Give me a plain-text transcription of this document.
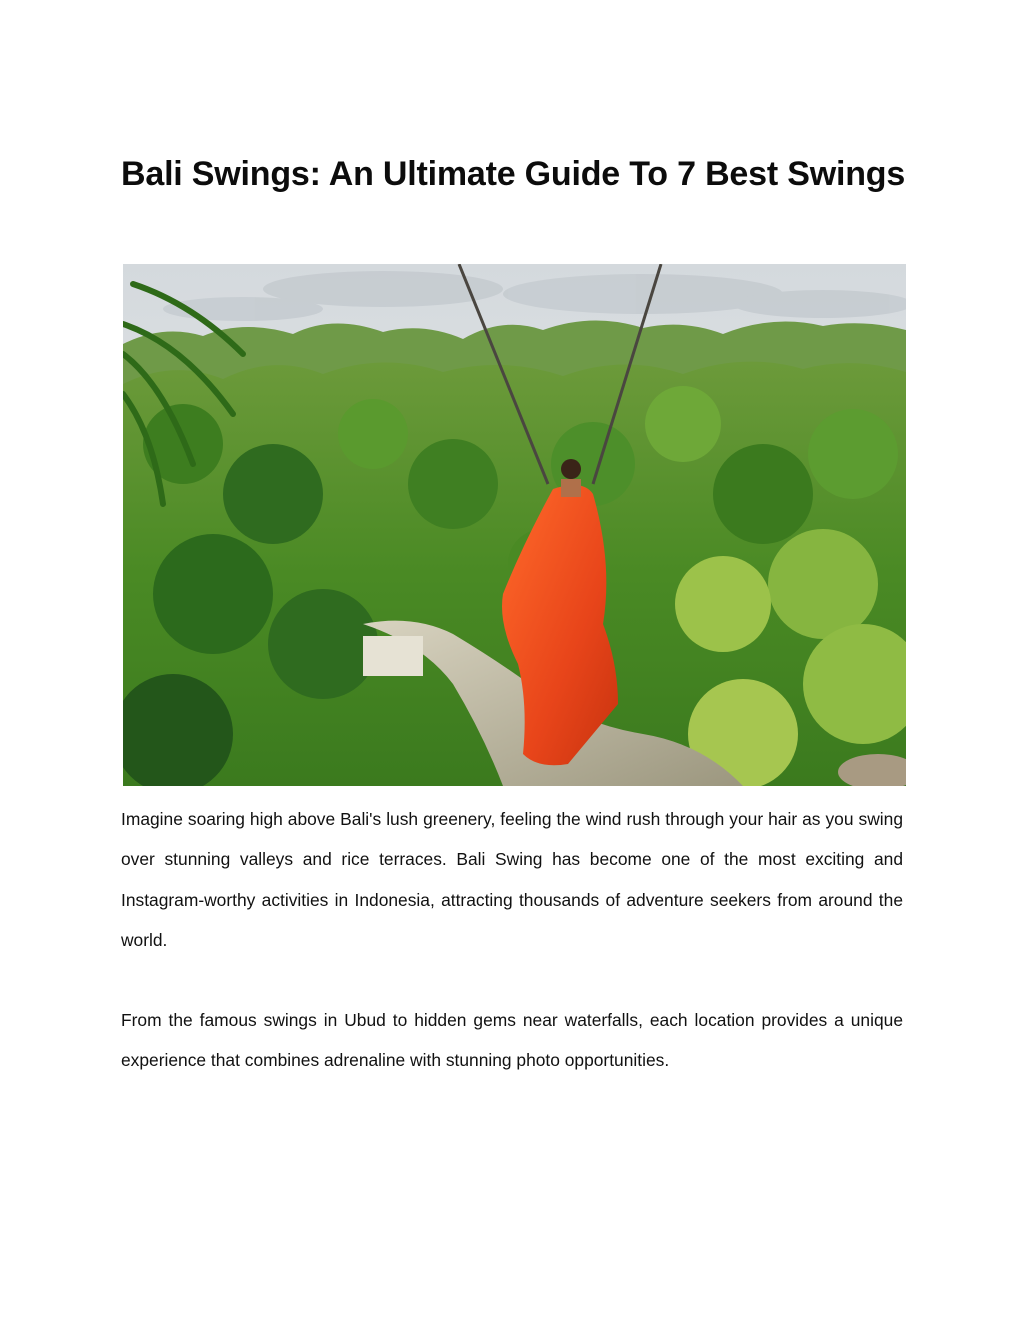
Bali Swings: An Ultimate Guide To 7 Best Swings

Imagine soaring high above Bali's lush greenery, feeling the wind rush through your hair as you swing over stunning valleys and rice terraces. Bali Swing has become one of the most exciting and Instagram-worthy activities in Indonesia, attracting thousands of adventure seekers from around the world.

From the famous swings in Ubud to hidden gems near waterfalls, each location provides a unique experience that combines adrenaline with stunning photo opportunities.
